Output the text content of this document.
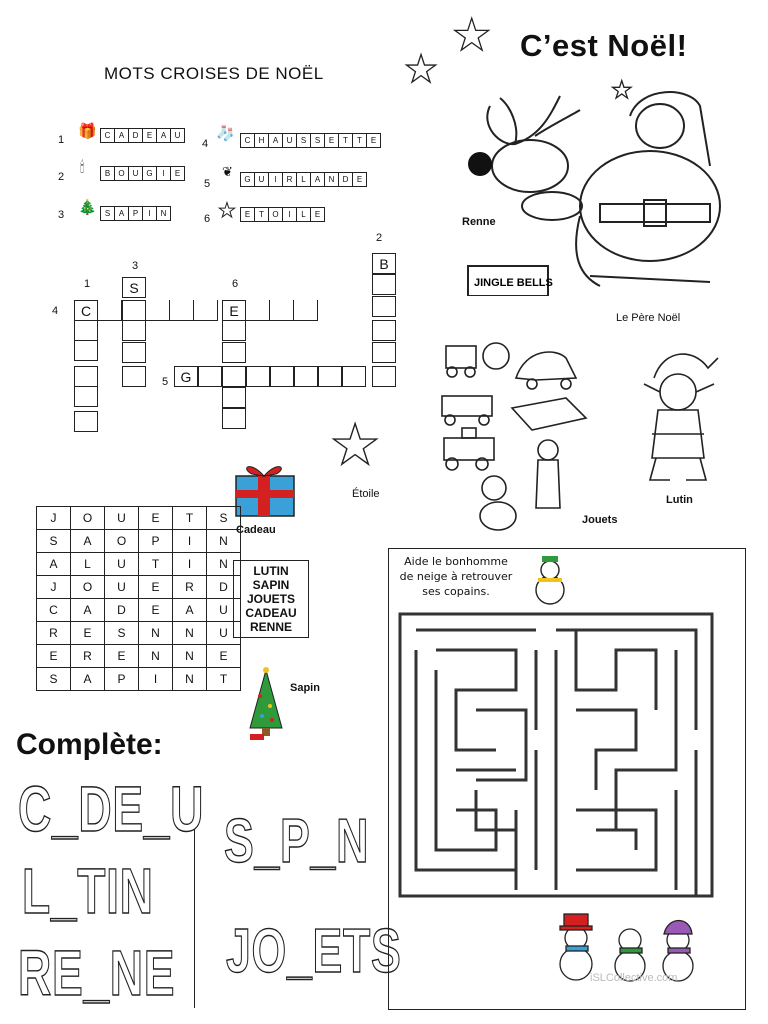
C’est Noël!
MOTS CROISES DE NOËL
★
★	★
1 🎁 C	A	D	E	A	U
2
🕯	B	O	U G	I	E
3 🎄	S	A	P	I	N
4
🧦	C	H	A	U	S	S	E	T	T	E
5
❦	G	U	I	R	L	A	N	D	E
6 ★	E	T	O	I	L	E
1
2
3
4
5
6
C	E
S
G
B
JINGLE BELLS
Renne
Le Père Noël
Jouets
Lutin
★
Étoile
Cadeau
J	O	U	E	T	S
S	A	O	P	I	N
A	L	U	T	I	N
J	O	U	E	R	D
C	A	D	E	A	U
R	E	S	N	N	U
E	R	E	N	N	E
S	A	P	I	N	T
LUTIN
SAPIN
JOUETS
CADEAU
RENNE
Sapin
Complète:
C_DE_U
L_TIN
RE_NE
S_P_N
JO_ETS
Aide le bonhomme de neige à retrouver ses copains.
iSLCollective.com
